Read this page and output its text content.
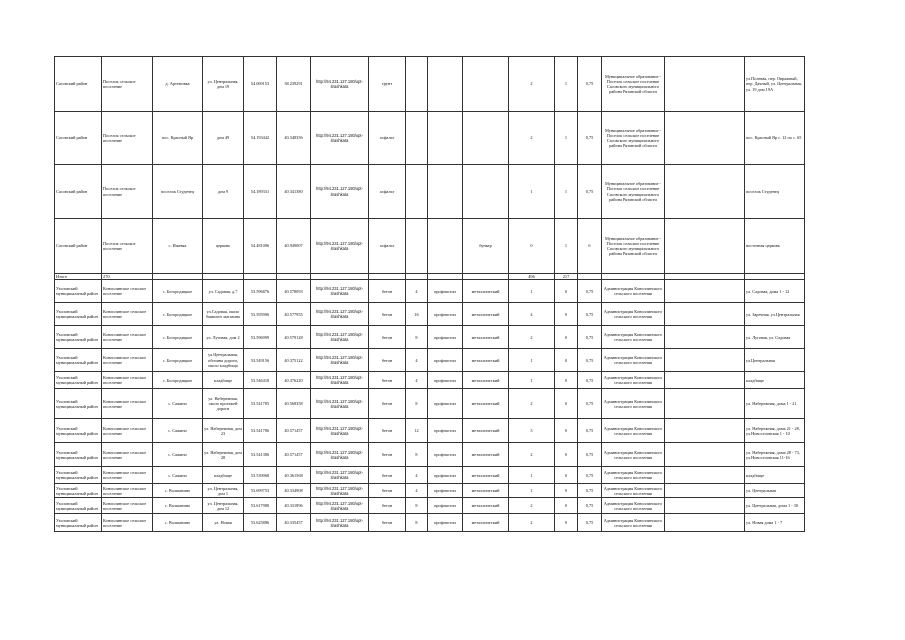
Сасовский район	Поселок сельское поселение	д. Артемовка	ул. Центральная, дом 19	54.069153	38.239291	http://94.231.127.180/opt-itrashkata	грунт				2	1	0,75	Муниципальное образование - Поселок сельское поселение Сасовского муниципального района Рязанской области		ул.Полевая, пер. Овражный, пер. Дачный, ул. Центральная, ул. 19 дом 19А
Сасовский район	Поселок сельское поселение	пос. Красный Яр	дом 49	54.193442	40.348356	http://94.231.127.180/opt-itrashkata	асфальт				2	1	0,75	Муниципальное образование - Поселок сельское поселение Сасовского муниципального района Рязанской области		пос. Красный Яр с. 12 по с. 65
Сасовский район	Поселок сельское поселение	поселок Студенец	дом 9	54.189331	40.341380	http://94.231.127.180/opt-itrashkata	асфальт				1	1	0,75	Муниципальное образование - Поселок сельское поселение Сасовского муниципального района Рязанской области		поселок Студенец
Сасовский район	Поселок сельское поселение	с. Ижевка	церковь	54.481006	40.949007	http://94.231.127.180/opt-itrashkata	асфальт			бункер	0	1	6	Муниципальное образование - Поселок сельское поселение Сасовского муниципального района Рязанской области		восточная церковь
Итого	270										496	217				
Ухоловский муниципальный район	Коноплинское сельское поселение	с. Богородицкое	ул. Садовая, д.7	53.596876	40.578093	http://94.231.127.180/opt-itrashkata	бетон	4	профнастил	металлический	1	0	0,75	Администрация Коноплинского сельского поселения		ул. Садовая, дома 1 - 12
Ухоловский муниципальный район	Коноплинское сельское поселение	с. Богородицкое	ул.Садовая, около бывшего магазина	53.595906	40.577955	http://94.231.127.180/opt-itrashkata	бетон	16	профнастил	металлический	4	0	0,75	Администрация Коноплинского сельского поселения		ул. Заречная, ул.Центральная
Ухоловский муниципальный район	Коноплинское сельское поселение	с. Богородицкое	ул. Луговая, дом 2	53.596999	40.579128	http://94.231.127.180/opt-itrashkata	бетон	8	профнастил	металлический	2	0	0,75	Администрация Коноплинского сельского поселения		ул. Луговая, ул. Садовая
Ухоловский муниципальный район	Коноплинское сельское поселение	с. Богородицкое	ул.Центральная, обочина дороги, около кладбища	53.549156	40.375122	http://94.231.127.180/opt-itrashkata	бетон	4	профнастил	металлический	1	0	0,75	Администрация Коноплинского сельского поселения		ул.Центральная
Ухоловский муниципальный район	Коноплинское сельское поселение	с. Богородицкое	кладбище	53.546418	40.376220	http://94.231.127.180/opt-itrashkata	бетон	4	профнастил	металлический	1	0	0,75	Администрация Коноплинского сельского поселения		кладбище
Ухоловский муниципальный район	Коноплинское сельское поселение	с. Сажино	ул. Набережная, около проезжей дороги	53.541785	40.568358	http://94.231.127.180/opt-itrashkata	бетон	8	профнастил	металлический	2	0	0,75	Администрация Коноплинского сельского поселения		ул. Набережная, дома 1 - 21
Ухоловский муниципальный район	Коноплинское сельское поселение	с. Сажино	ул. Набережная, дом 23	53.541786	40.571457	http://94.231.127.180/opt-itrashkata	бетон	12	профнастил	металлический	3	0	0,75	Администрация Коноплинского сельского поселения		ул. Набережная, дома 21 - 28, ул.Новоселовская 1 - 10
Ухоловский муниципальный район	Коноплинское сельское поселение	с. Сажино	ул. Набережная, дом 28	53.541386	40.571457	http://94.231.127.180/opt-itrashkata	бетон	8	профнастил	металлический	2	0	0,75	Администрация Коноплинского сельского поселения		ул. Набережная, дома 28 - 73, ул.Новоселовская 11-16
Ухоловский муниципальный район	Коноплинское сельское поселение	с. Сажино	кладбище	53.539068	40.361568	http://94.231.127.180/opt-itrashkata	бетон	4	профнастил	металлический	1	0	0,75	Администрация Коноплинского сельского поселения		кладбище
Ухоловский муниципальный район	Коноплинское сельское поселение	с. Волшанино	ул. Центральная, дом 1	53.699753	40.334908	http://94.231.127.180/opt-itrashkata	бетон	4	профнастил	металлический	1	0	0,75	Администрация Коноплинского сельского поселения		ул. Центральная
Ухоловский муниципальный район	Коноплинское сельское поселение	с. Волшанино	ул. Центральная, дом 12	53.617988	40.331896	http://94.231.127.180/opt-itrashkata	бетон	8	профнастил	металлический	2	0	0,75	Администрация Коноплинского сельского поселения		ул. Центральная, дома 1 - 30
Ухоловский муниципальный район	Коноплинское сельское поселение	с. Волшанино	ул. Новая	53.625886	40.335457	http://94.231.127.180/opt-itrashkata	бетон	8	профнастил	металлический	2	0	0,75	Администрация Коноплинского сельского поселения		ул. Новая дома 1 - 7
